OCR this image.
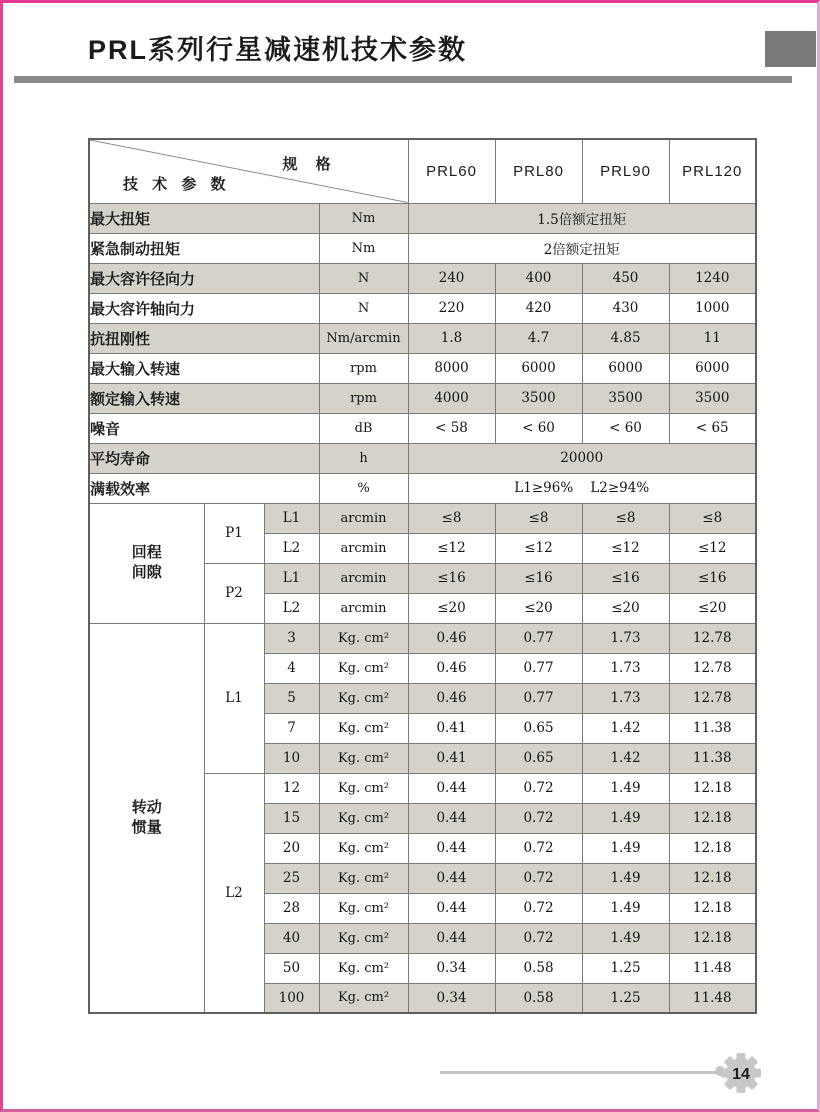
PRL系列行星减速机技术参数
规 格
技 术 参 数				PRL60	PRL80	PRL90	PRL120
最大扭矩			Nm	1.5倍额定扭矩			
紧急制动扭矩			Nm	2倍额定扭矩			
最大容许径向力			N	240	400	450	1240
最大容许轴向力			N	220	420	430	1000
抗扭刚性			Nm/arcmin	1.8	4.7	4.85	11
最大输入转速			rpm	8000	6000	6000	6000
额定输入转速			rpm	4000	3500	3500	3500
噪音			dB	< 58	< 60	< 60	< 65
平均寿命			h	20000			
满载效率			%	L1≥96%    L2≥94%			

回程
间隙	P1	L1	arcmin	≤8	≤8	≤8	≤8
		L2	arcmin	≤12	≤12	≤12	≤12
	P2	L1	arcmin	≤16	≤16	≤16	≤16
		L2	arcmin	≤20	≤20	≤20	≤20

转动
惯量	L1	3	Kg. cm²	0.46	0.77	1.73	12.78
		4	Kg. cm²	0.46	0.77	1.73	12.78
		5	Kg. cm²	0.46	0.77	1.73	12.78
		7	Kg. cm²	0.41	0.65	1.42	11.38
		10	Kg. cm²	0.41	0.65	1.42	11.38
	L2	12	Kg. cm²	0.44	0.72	1.49	12.18
		15	Kg. cm²	0.44	0.72	1.49	12.18
		20	Kg. cm²	0.44	0.72	1.49	12.18
		25	Kg. cm²	0.44	0.72	1.49	12.18
		28	Kg. cm²	0.44	0.72	1.49	12.18
		40	Kg. cm²	0.44	0.72	1.49	12.18
		50	Kg. cm²	0.34	0.58	1.25	11.48
		100	Kg. cm²	0.34	0.58	1.25	11.48
14
